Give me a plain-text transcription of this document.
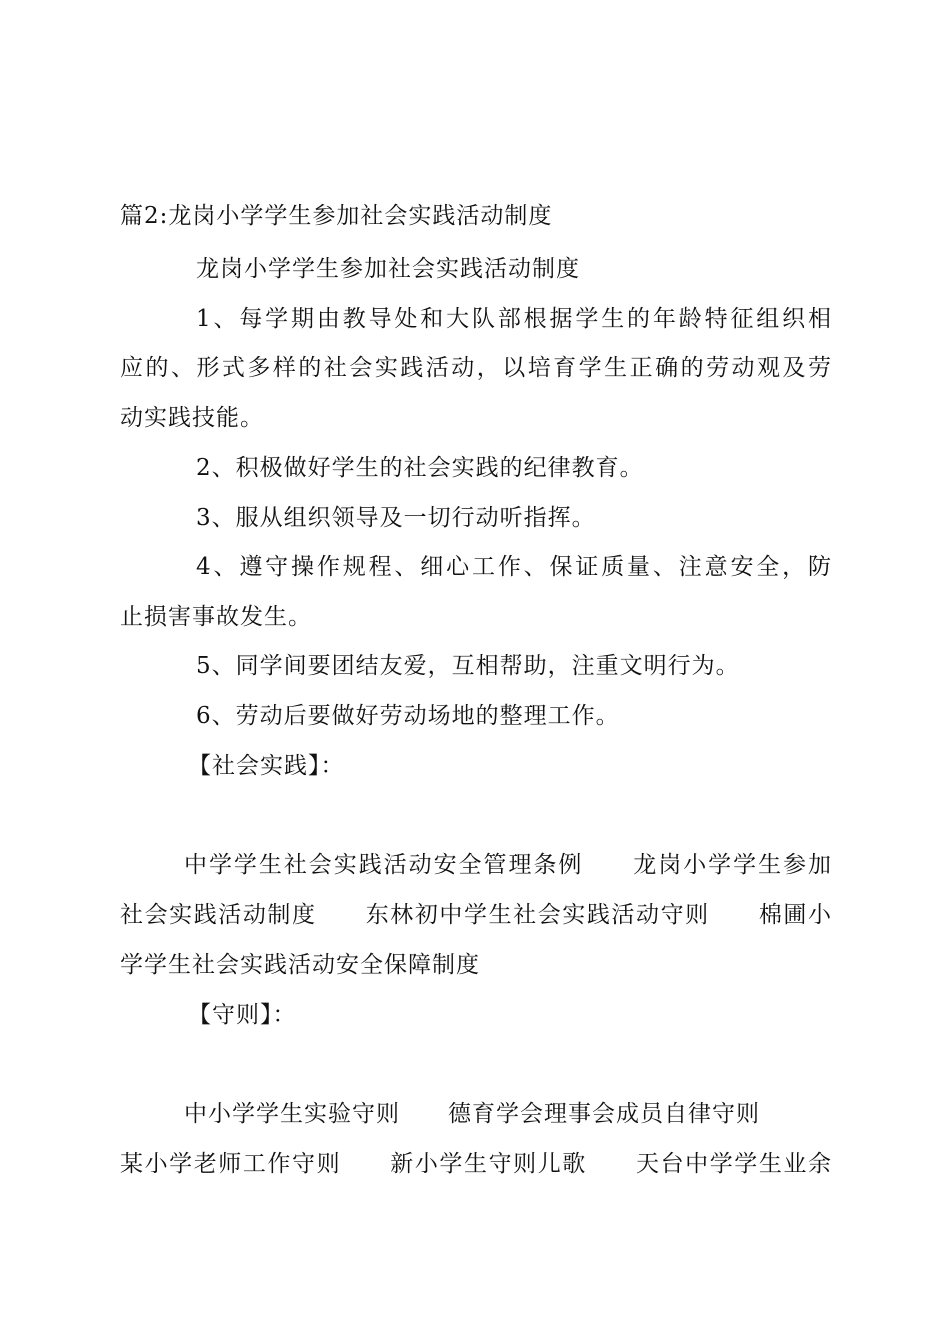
篇2:龙岗小学学生参加社会实践活动制度
龙岗小学学生参加社会实践活动制度
1、每学期由教导处和大队部根据学生的年龄特征组织相
应的、形式多样的社会实践活动，以培育学生正确的劳动观及劳
动实践技能。
2、积极做好学生的社会实践的纪律教育。
3、服从组织领导及一切行动听指挥。
4、遵守操作规程、细心工作、保证质量、注意安全，防
止损害事故发生。
5、同学间要团结友爱，互相帮助，注重文明行为。
6、劳动后要做好劳动场地的整理工作。
【社会实践】：
中学学生社会实践活动安全管理条例　　龙岗小学学生参加
社会实践活动制度　　东林初中学生社会实践活动守则　　棉圃小
学学生社会实践活动安全保障制度
【守则】：
中小学学生实验守则　　德育学会理事会成员自律守则
某小学老师工作守则　　新小学生守则儿歌　　天台中学学生业余
